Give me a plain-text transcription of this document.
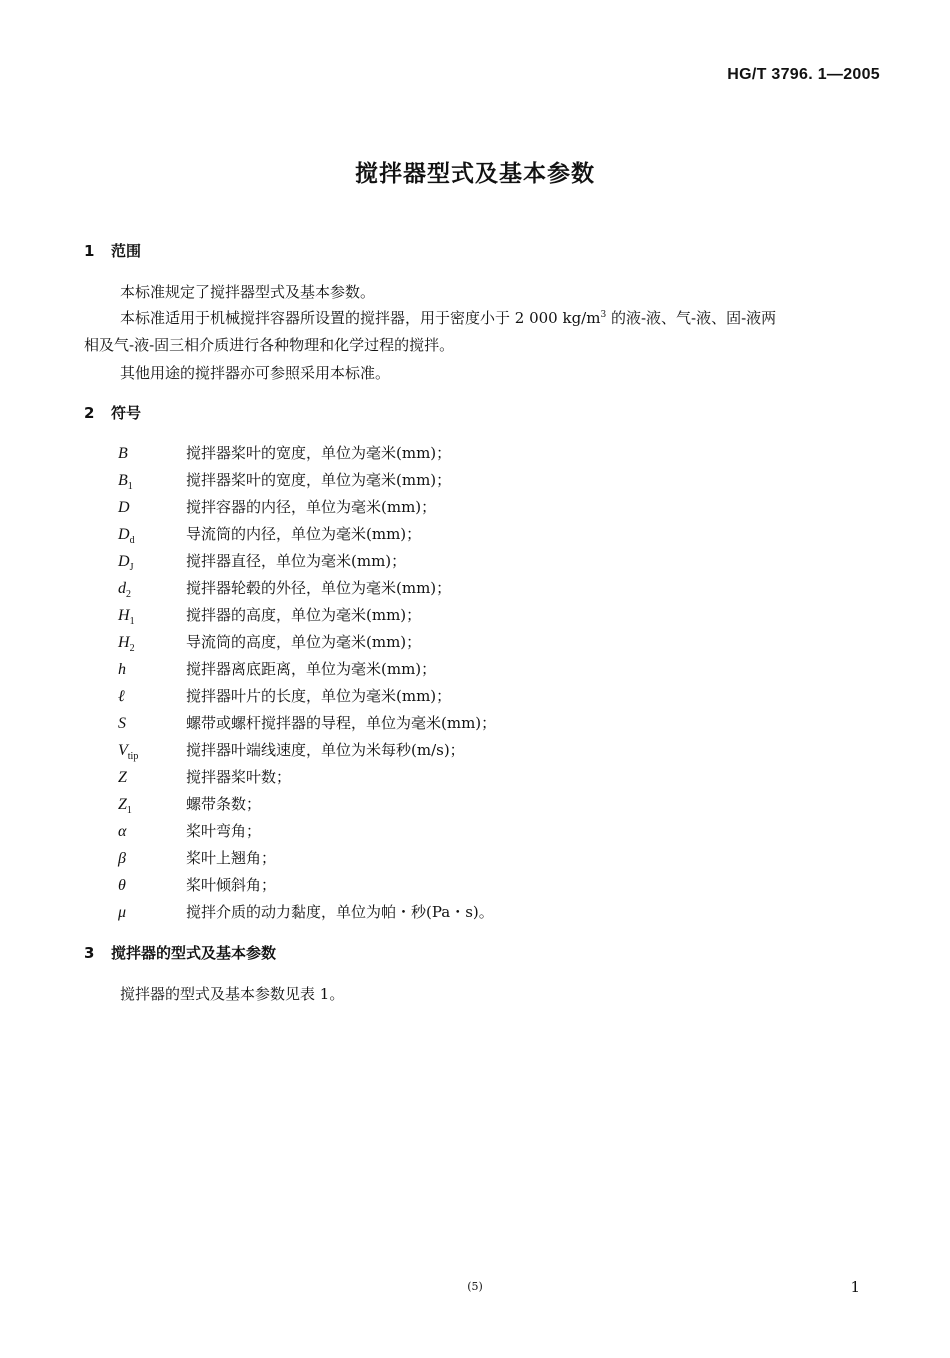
HG/T 3796. 1—2005
搅拌器型式及基本参数
1 范围
本标准规定了搅拌器型式及基本参数。
本标准适用于机械搅拌容器所设置的搅拌器，用于密度小于 2 000 $kg/m^3$ 的液-液、气-液、固-液两
相及气-液-固三相介质进行各种物理和化学过程的搅拌。
其他用途的搅拌器亦可参照采用本标准。
2 符号
B	搅拌器桨叶的宽度，单位为毫米(mm)；
$B_1$	搅拌器桨叶的宽度，单位为毫米(mm)；
D	搅拌容器的内径，单位为毫米(mm)；
$D_d$	导流筒的内径，单位为毫米(mm)；
$D_J$	搅拌器直径，单位为毫米(mm)；
$d_2$	搅拌器轮毂的外径，单位为毫米(mm)；
$H_1$	搅拌器的高度，单位为毫米(mm)；
$H_2$	导流筒的高度，单位为毫米(mm)；
h	搅拌器离底距离，单位为毫米(mm)；
ℓ	搅拌器叶片的长度，单位为毫米(mm)；
S	螺带或螺杆搅拌器的导程，单位为毫米(mm)；
$V_{tip}$	搅拌器叶端线速度，单位为米每秒(m/s)；
Z	搅拌器桨叶数；
$Z_1$	螺带条数；
α	桨叶弯角；
β	桨叶上翘角；
θ	桨叶倾斜角；
μ	搅拌介质的动力黏度，单位为帕・秒(Pa・s)。
3 搅拌器的型式及基本参数
搅拌器的型式及基本参数见表 1。
(5)	1
